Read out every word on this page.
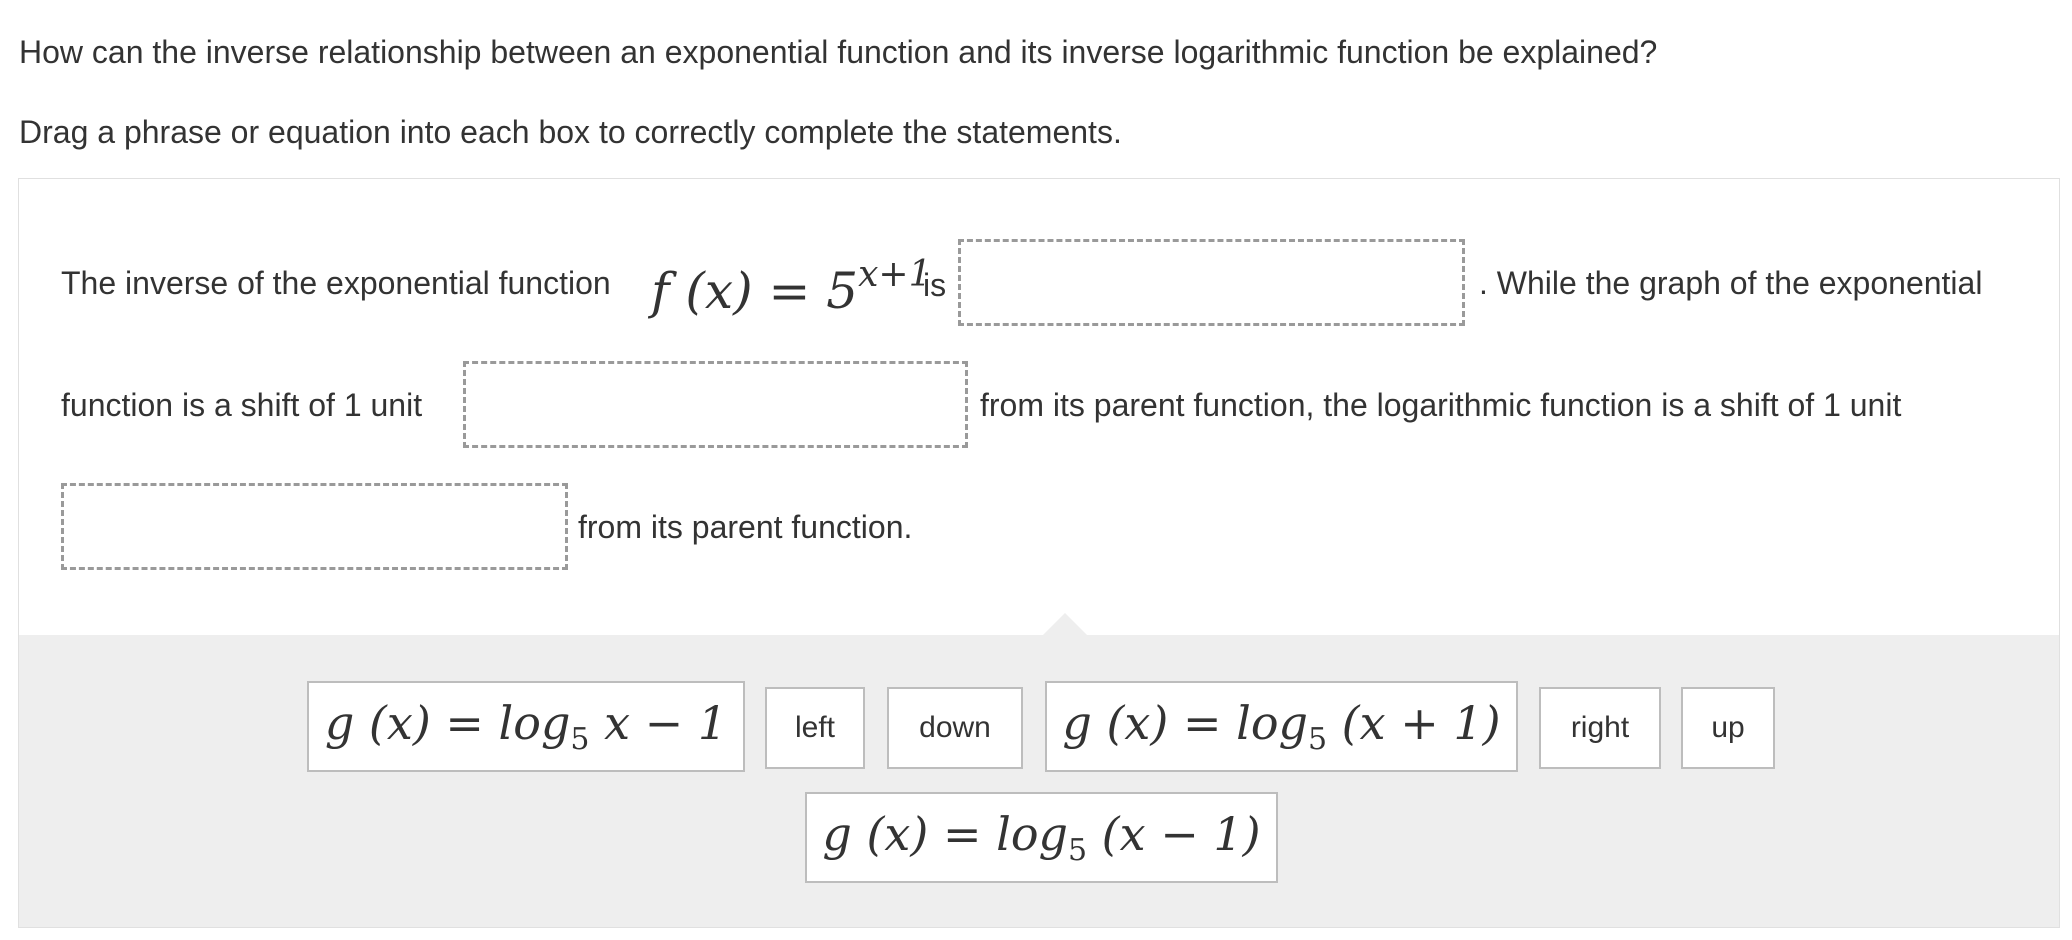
How can the inverse relationship between an exponential function and its inverse logarithmic function be explained?

Drag a phrase or equation into each box to correctly complete the statements.

The inverse of the exponential function f $(x) = 5^{x+1}$
is	. While the graph of the exponential
function is a shift of 1 unit	from its parent function, the logarithmic function is a shift of 1 unit
from its parent function.
g $(x) = \log_5 x - 1$	left	down	g $(x) = \log_5 (x + 1)$	right	up
g $(x) = \log_5 (x - 1)$
